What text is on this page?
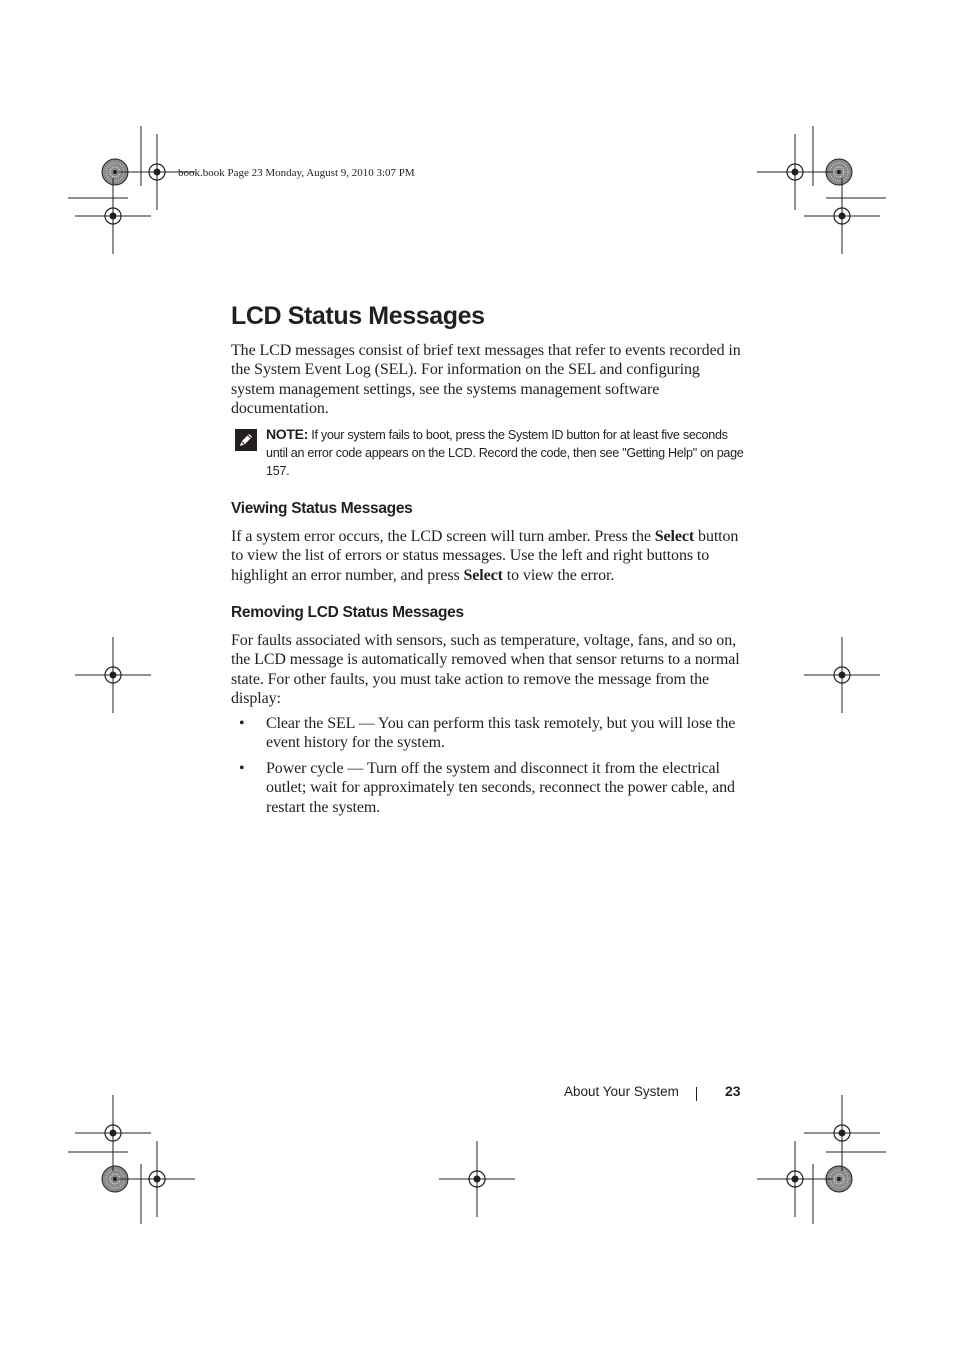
book.book Page 23 Monday, August 9, 2010 3:07 PM
LCD Status Messages

The LCD messages consist of brief text messages that refer to events recorded in the System Event Log (SEL). For information on the SEL and configuring system management settings, see the systems management software documentation.

NOTE: If your system fails to boot, press the System ID button for at least five seconds until an error code appears on the LCD. Record the code, then see "Getting Help" on page 157.

Viewing Status Messages

If a system error occurs, the LCD screen will turn amber. Press the Select button to view the list of errors or status messages. Use the left and right buttons to highlight an error number, and press Select to view the error.

Removing LCD Status Messages

For faults associated with sensors, such as temperature, voltage, fans, and so on, the LCD message is automatically removed when that sensor returns to a normal state. For other faults, you must take action to remove the message from the display:

• Clear the SEL — You can perform this task remotely, but you will lose the event history for the system.
• Power cycle — Turn off the system and disconnect it from the electrical outlet; wait for approximately ten seconds, reconnect the power cable, and restart the system.
About Your System	23
